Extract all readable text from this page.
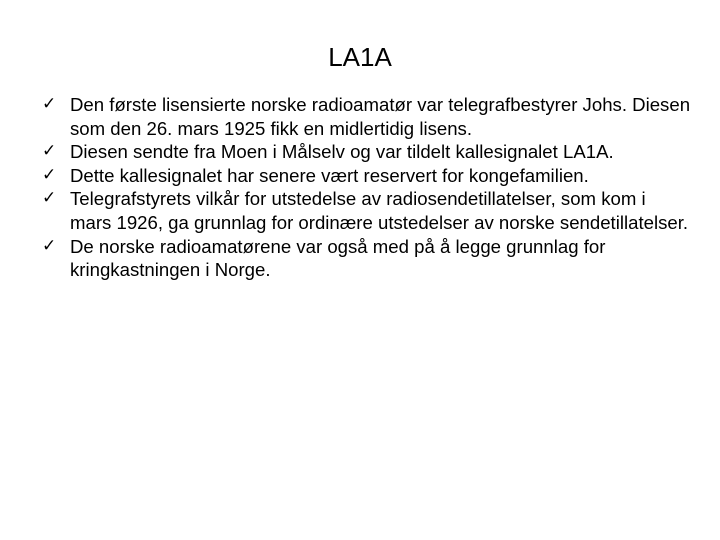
LA1A
✓ Den første lisensierte norske radioamatør var telegrafbestyrer Johs. Diesen som den 26. mars 1925 fikk en midlertidig lisens.
✓ Diesen sendte fra Moen i Målselv og var tildelt kallesignalet LA1A.
✓ Dette kallesignalet har senere vært reservert for kongefamilien.
✓ Telegrafstyrets vilkår for utstedelse av radiosendetillatelser, som kom i mars 1926, ga grunnlag for ordinære utstedelser av norske sendetillatelser.
✓ De norske radioamatørene var også med på å legge grunnlag for kringkastningen i Norge.
